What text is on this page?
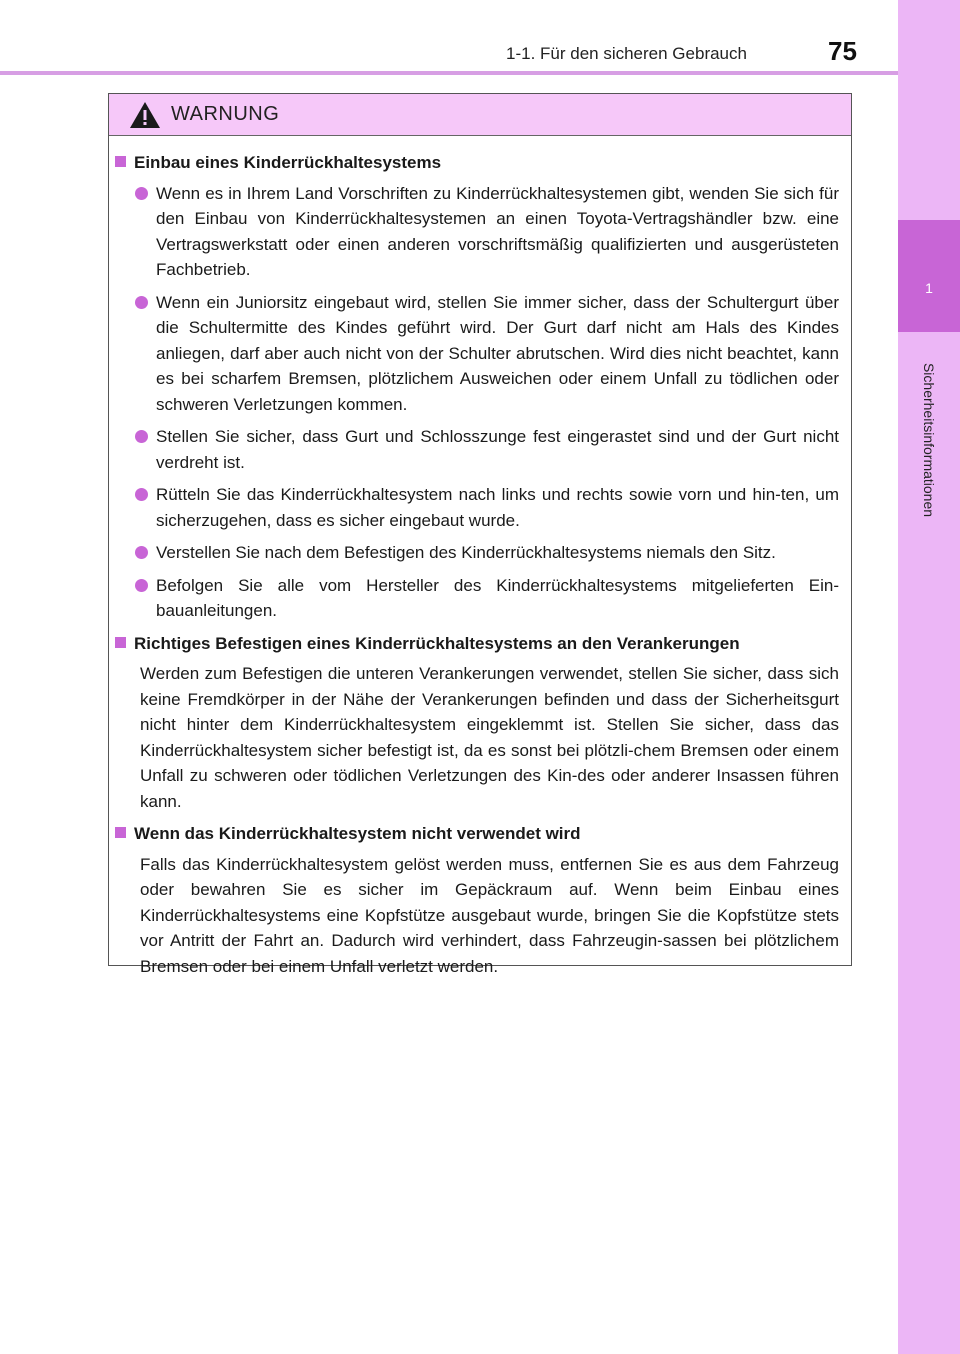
1
Sicherheitsinformationen
1-1. Für den sicheren Gebrauch	75
WARNUNG
Einbau eines Kinderrückhaltesystems
Wenn es in Ihrem Land Vorschriften zu Kinderrückhaltesystemen gibt, wenden Sie sich für den Einbau von Kinderrückhaltesystemen an einen Toyota-Vertragshändler bzw. eine Vertragswerkstatt oder einen anderen vorschriftsmäßig qualifizierten und ausgerüsteten Fachbetrieb.
Wenn ein Juniorsitz eingebaut wird, stellen Sie immer sicher, dass der Schultergurt über die Schultermitte des Kindes geführt wird. Der Gurt darf nicht am Hals des Kindes anliegen, darf aber auch nicht von der Schulter abrutschen. Wird dies nicht beachtet, kann es bei scharfem Bremsen, plötzlichem Ausweichen oder einem Unfall zu tödlichen oder schweren Verletzungen kommen.
Stellen Sie sicher, dass Gurt und Schlosszunge fest eingerastet sind und der Gurt nicht verdreht ist.
Rütteln Sie das Kinderrückhaltesystem nach links und rechts sowie vorn und hin-ten, um sicherzugehen, dass es sicher eingebaut wurde.
Verstellen Sie nach dem Befestigen des Kinderrückhaltesystems niemals den Sitz.
Befolgen Sie alle vom Hersteller des Kinderrückhaltesystems mitgelieferten Ein-bauanleitungen.
Richtiges Befestigen eines Kinderrückhaltesystems an den Verankerungen
Werden zum Befestigen die unteren Verankerungen verwendet, stellen Sie sicher, dass sich keine Fremdkörper in der Nähe der Verankerungen befinden und dass der Sicherheitsgurt nicht hinter dem Kinderrückhaltesystem eingeklemmt ist. Stellen Sie sicher, dass das Kinderrückhaltesystem sicher befestigt ist, da es sonst bei plötzli-chem Bremsen oder einem Unfall zu schweren oder tödlichen Verletzungen des Kin-des oder anderer Insassen führen kann.
Wenn das Kinderrückhaltesystem nicht verwendet wird
Falls das Kinderrückhaltesystem gelöst werden muss, entfernen Sie es aus dem Fahrzeug oder bewahren Sie es sicher im Gepäckraum auf. Wenn beim Einbau eines Kinderrückhaltesystems eine Kopfstütze ausgebaut wurde, bringen Sie die Kopfstütze stets vor Antritt der Fahrt an. Dadurch wird verhindert, dass Fahrzeugin-sassen bei plötzlichem Bremsen oder bei einem Unfall verletzt werden.
